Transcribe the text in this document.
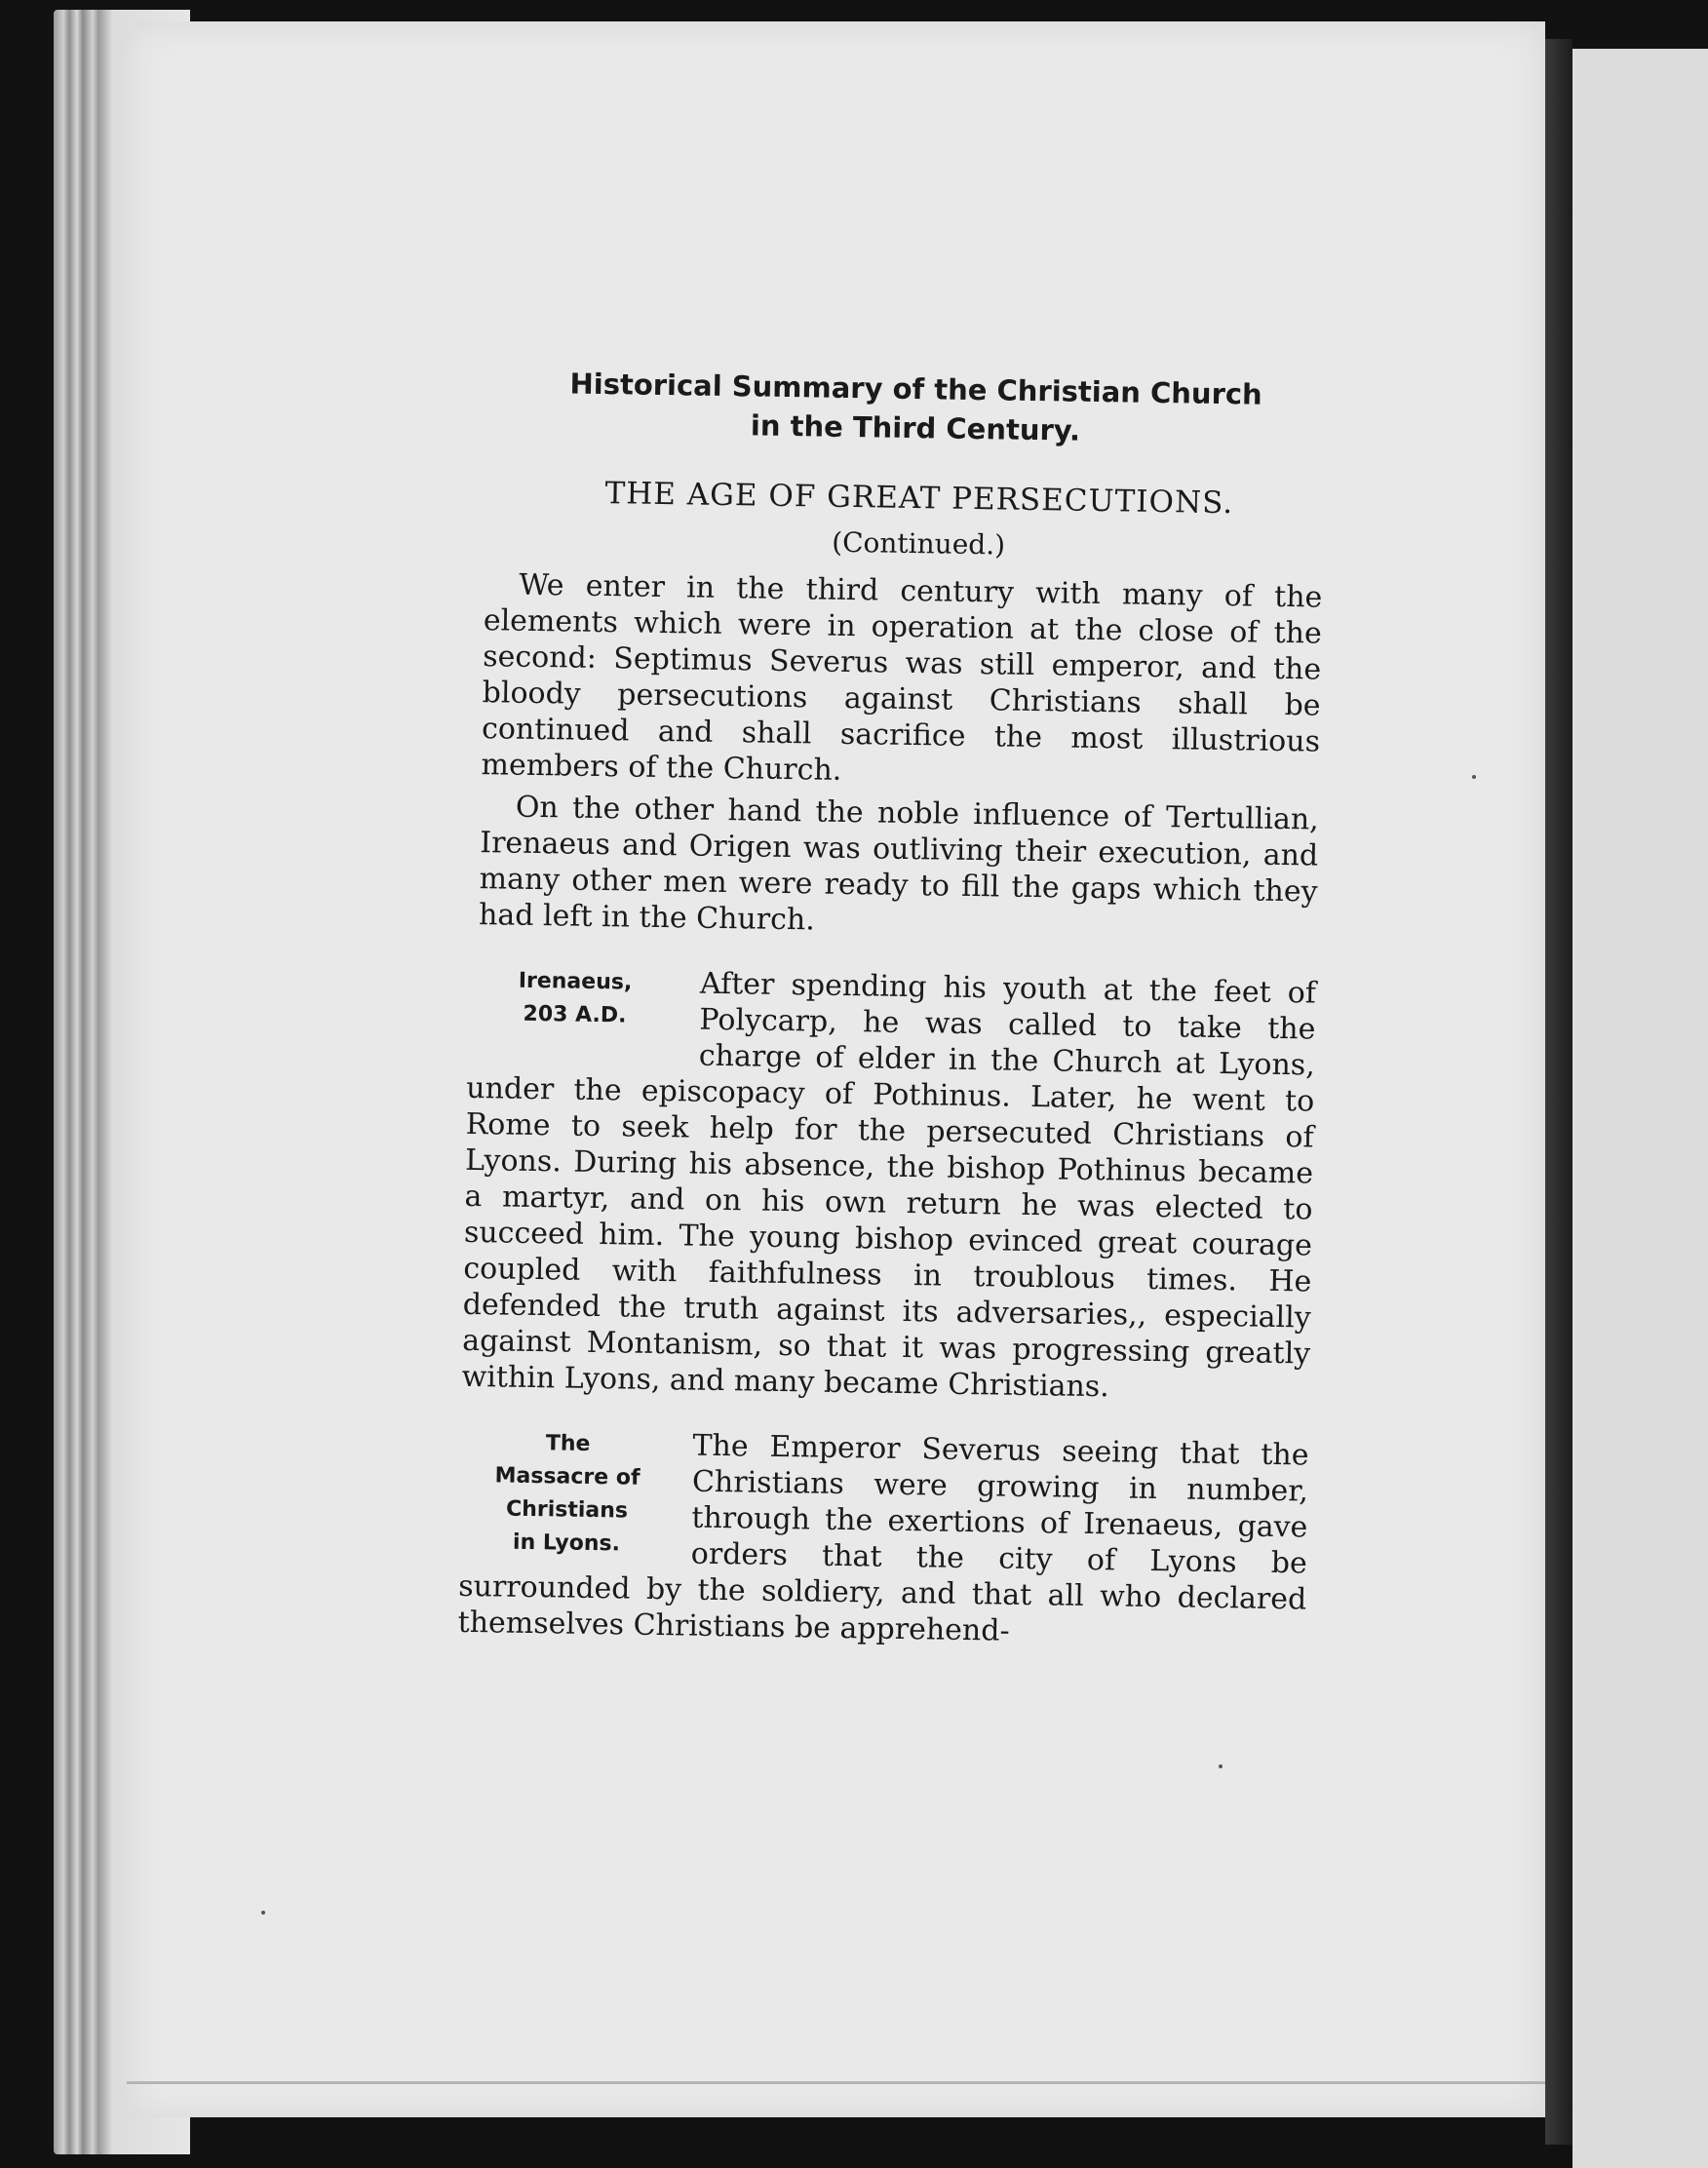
Historical Summary of the Christian Church
in the Third Century.
THE AGE OF GREAT PERSECUTIONS.
(Continued.)

We enter in the third century with many of the elements which were in operation at the close of the second: Septimus Severus was still emperor, and the bloody persecutions against Christians shall be continued and shall sacrifice the most illustrious members of the Church.

On the other hand the noble influence of Tertullian, Irenaeus and Origen was outliving their execution, and many other men were ready to fill the gaps which they had left in the Church.

Irenaeus,
203 A.D.

After spending his youth at the feet of Polycarp, he was called to take the charge of elder in the Church at Lyons, under the episcopacy of Pothinus. Later, he went to Rome to seek help for the persecuted Christians of Lyons. During his absence, the bishop Pothinus became a martyr, and on his own return he was elected to succeed him. The young bishop evinced great courage coupled with faithfulness in troublous times. He defended the truth against its adversaries,, especially against Montanism, so that it was progressing greatly within Lyons, and many became Christians.

The
Massacre of
Christians
in Lyons.

The Emperor Severus seeing that the Christians were growing in number, through the exertions of Irenaeus, gave orders that the city of Lyons be surrounded by the soldiery, and that all who declared themselves Christians be apprehend-
